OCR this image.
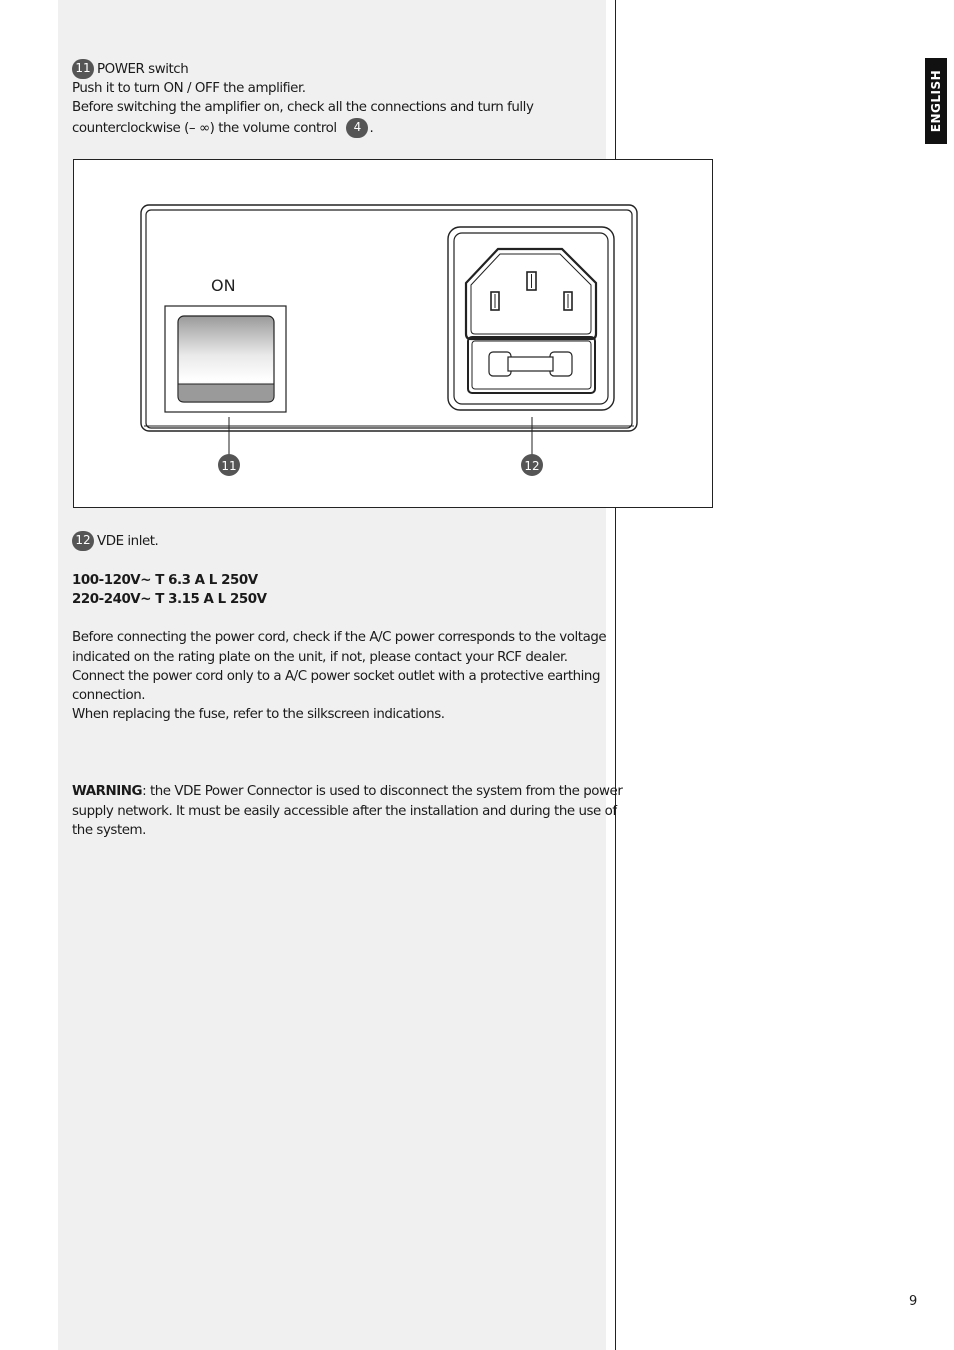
ENGLISH
11 POWER switch
Push it to turn ON / OFF the amplifier.
Before switching the amplifier on, check all the connections and turn fully
counterclockwise (– ∞) the volume control 4 .
ON
11	12
12 VDE inlet.
100-120V~ T 6.3 A L 250V
220-240V~ T 3.15 A L 250V
Before connecting the power cord, check if the A/C power corresponds to the voltage
indicated on the rating plate on the unit, if not, please contact your RCF dealer.
Connect the power cord only to a A/C power socket outlet with a protective earthing
connection.
When replacing the fuse, refer to the silkscreen indications.
WARNING: the VDE Power Connector is used to disconnect the system from the power
supply network. It must be easily accessible after the installation and during the use of
the system.
9
